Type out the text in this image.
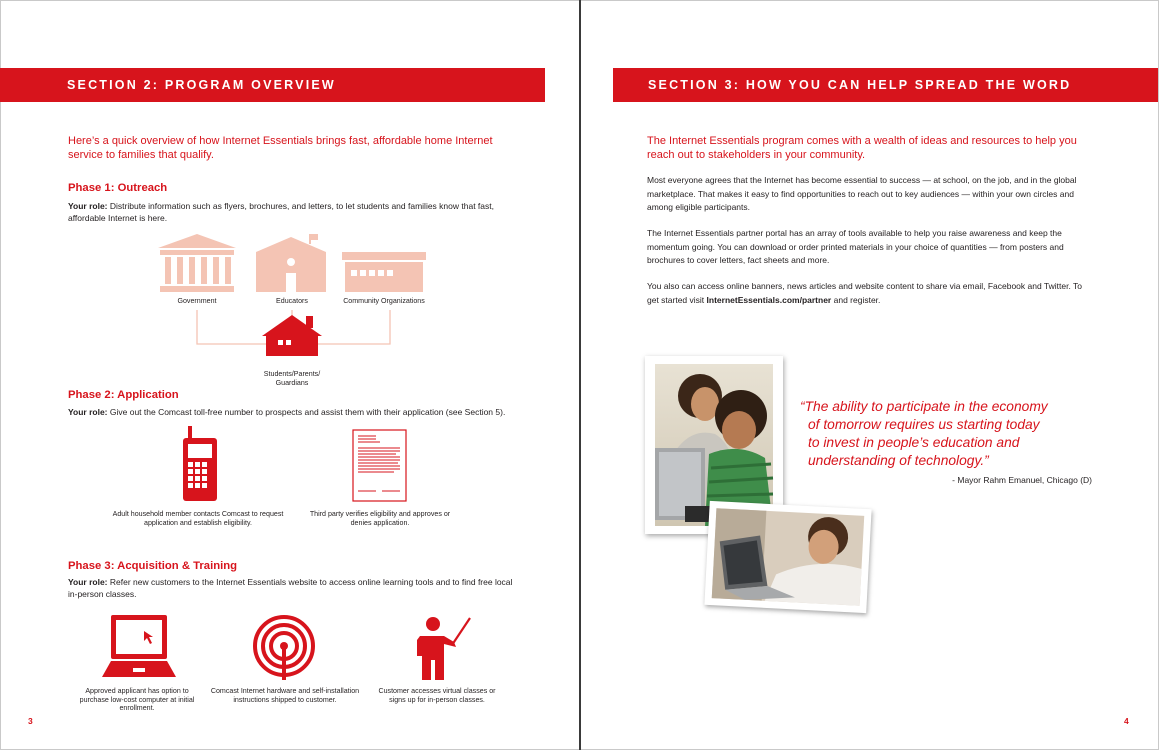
SECTION 2: PROGRAM OVERVIEW
Here’s a quick overview of how Internet Essentials brings fast, affordable home Internet service to families that qualify.
Phase 1: Outreach
Your role: Distribute information such as flyers, brochures, and letters, to let students and families know that fast, affordable Internet is here.
Government	Educators	Community Organizations
Students/Parents/ Guardians
Phase 2: Application
Your role: Give out the Comcast toll-free number to prospects and assist them with their application (see Section 5).
Adult household member contacts Comcast to request application and establish eligibility.
Third party verifies eligibility and approves or denies application.
Phase 3: Acquisition & Training
Your role: Refer new customers to the Internet Essentials website to access online learning tools and to find free local in-person classes.
Approved applicant has option to purchase low-cost computer at initial enrollment.
Comcast Internet hardware and self-installation instructions shipped to customer.
Customer accesses virtual classes or signs up for in-person classes.
3
SECTION 3: HOW YOU CAN HELP SPREAD THE WORD
The Internet Essentials program comes with a wealth of ideas and resources to help you reach out to stakeholders in your community.
Most everyone agrees that the Internet has become essential to success — at school, on the job, and in the global marketplace. That makes it easy to find opportunities to reach out to key audiences — within your own circles and among eligible participants.
The Internet Essentials partner portal has an array of tools available to help you raise awareness and keep the momentum going. You can download or order printed materials in your choice of quantities — from posters and brochures to cover letters, fact sheets and more.
You also can access online banners, news articles and website content to share via email, Facebook and Twitter. To get started visit InternetEssentials.com/partner and register.
“The ability to participate in the economy
of tomorrow requires us starting today
to invest in people’s education and
understanding of technology.”
- Mayor Rahm Emanuel, Chicago (D)
4
